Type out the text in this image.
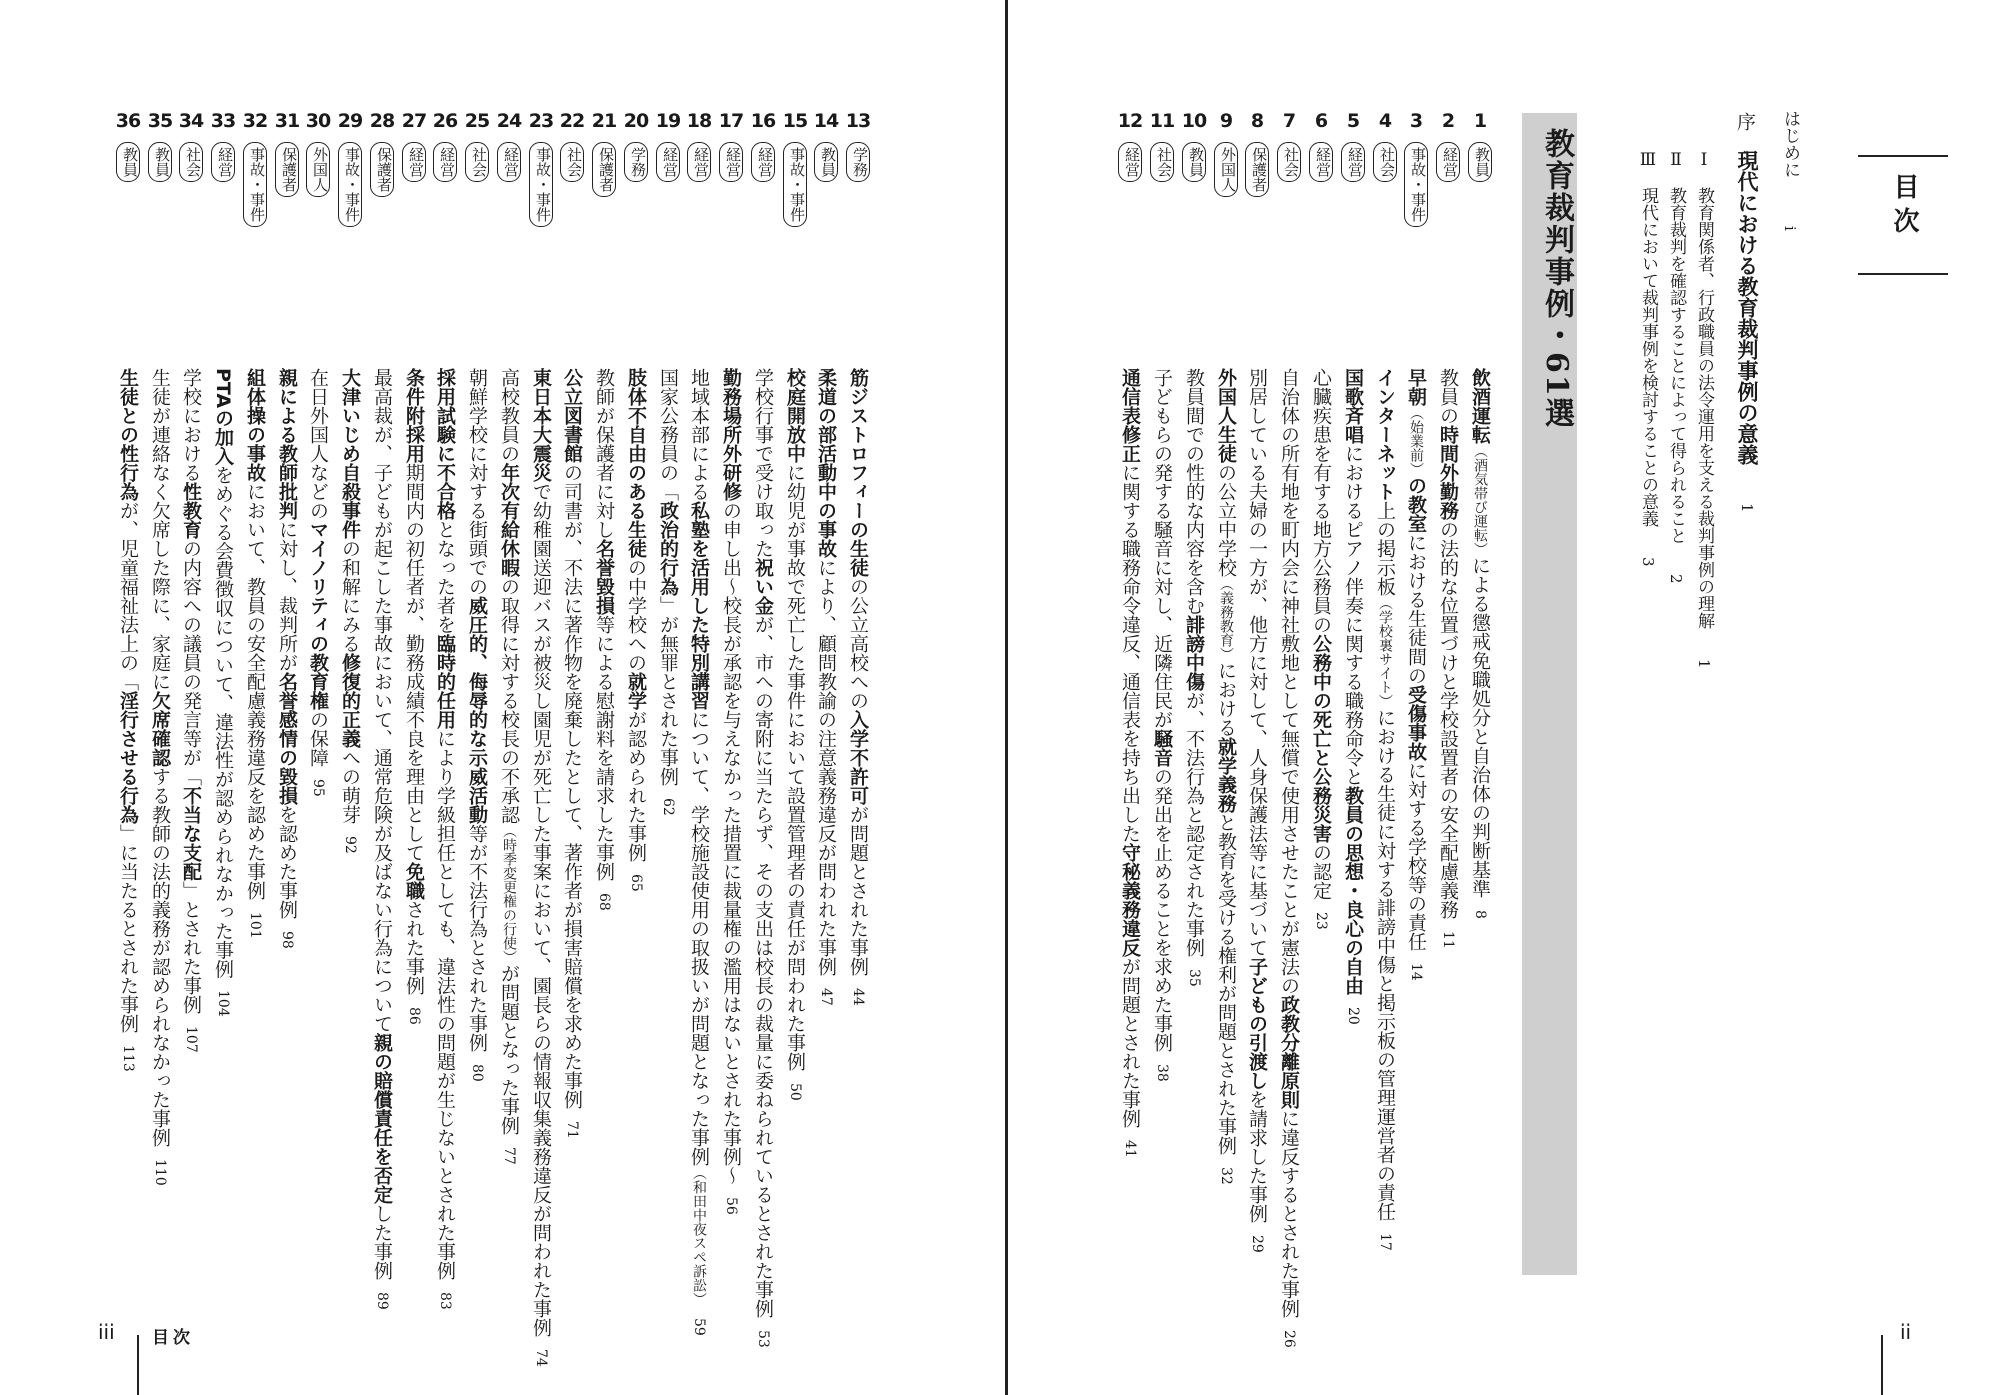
目次
はじめにi
序
現代における教育裁判事例の意義1
Ⅰ　教育関係者、行政職員の法令運用を支える裁判事例の理解1
Ⅱ　教育裁判を確認することによって得られること2
Ⅲ　現代において裁判事例を検討することの意義3
教育裁判事例・61選
1
教員
飲酒運転（酒気帯び運転）による懲戒免職処分と自治体の判断基準8
2
経営
教員の時間外勤務の法的な位置づけと学校設置者の安全配慮義務11
3
事故・事件
早朝（始業前）の教室における生徒間の受傷事故に対する学校等の責任14
4
社会
インターネット上の掲示板（学校裏サイト）における生徒に対する誹謗中傷と掲示板の管理運営者の責任17
5
経営
国歌斉唱におけるピアノ伴奏に関する職務命令と教員の思想・良心の自由20
6
経営
心臓疾患を有する地方公務員の公務中の死亡と公務災害の認定23
7
社会
自治体の所有地を町内会に神社敷地として無償で使用させたことが憲法の政教分離原則に違反するとされた事例26
8
保護者
別居している夫婦の一方が、他方に対して、人身保護法等に基づいて子どもの引渡しを請求した事例29
9
外国人
外国人生徒の公立中学校（義務教育）における就学義務と教育を受ける権利が問題とされた事例32
10
教員
教員間での性的な内容を含む誹謗中傷が、不法行為と認定された事例35
11
社会
子どもらの発する騒音に対し、近隣住民が騒音の発出を止めることを求めた事例38
12
経営
通信表修正に関する職務命令違反、通信表を持ち出した守秘義務違反が問題とされた事例41
13
学務
筋ジストロフィーの生徒の公立高校への入学不許可が問題とされた事例44
14
教員
柔道の部活動中の事故により、顧問教諭の注意義務違反が問われた事例47
15
事故・事件
校庭開放中に幼児が事故で死亡した事件において設置管理者の責任が問われた事例50
16
経営
学校行事で受け取った祝い金が、市への寄附に当たらず、その支出は校長の裁量に委ねられているとされた事例53
17
経営
勤務場所外研修の申し出～校長が承認を与えなかった措置に裁量権の濫用はないとされた事例～56
18
経営
地域本部による私塾を活用した特別講習について、学校施設使用の取扱いが問題となった事例（和田中夜スペ訴訟）59
19
経営
国家公務員の「政治的行為」が無罪とされた事例62
20
学務
肢体不自由のある生徒の中学校への就学が認められた事例65
21
保護者
教師が保護者に対し名誉毀損等による慰謝料を請求した事例68
22
社会
公立図書館の司書が、不法に著作物を廃棄したとして、著作者が損害賠償を求めた事例71
23
事故・事件
東日本大震災で幼稚園送迎バスが被災し園児が死亡した事案において、園長らの情報収集義務違反が問われた事例74
24
経営
高校教員の年次有給休暇の取得に対する校長の不承認（時季変更権の行使）が問題となった事例77
25
社会
朝鮮学校に対する街頭での威圧的、侮辱的な示威活動等が不法行為とされた事例80
26
経営
採用試験に不合格となった者を臨時的任用により学級担任としても、違法性の問題が生じないとされた事例83
27
経営
条件附採用期間内の初任者が、勤務成績不良を理由として免職された事例86
28
保護者
最高裁が、子どもが起こした事故において、通常危険が及ばない行為について親の賠償責任を否定した事例89
29
事故・事件
大津いじめ自殺事件の和解にみる修復的正義への萌芽92
30
外国人
在日外国人などのマイノリティの教育権の保障95
31
保護者
親による教師批判に対し、裁判所が名誉感情の毀損を認めた事例98
32
事故・事件
組体操の事故において、教員の安全配慮義務違反を認めた事例101
33
経営
PTAの加入をめぐる会費徴収について、違法性が認められなかった事例104
34
社会
学校における性教育の内容への議員の発言等が「不当な支配」とされた事例107
35
教員
生徒が連絡なく欠席した際に、家庭に欠席確認する教師の法的義務が認められなかった事例110
36
教員
生徒との性行為が、児童福祉法上の「淫行させる行為」に当たるとされた事例113
iii 目次	ii
